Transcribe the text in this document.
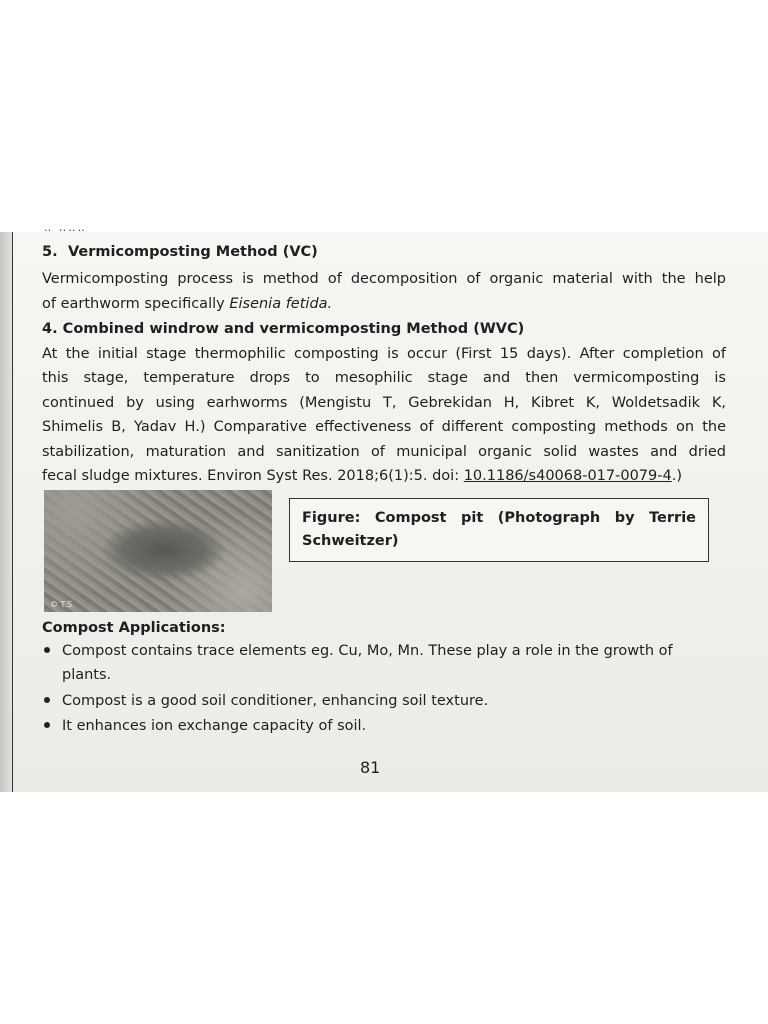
‥ ‥‥‥
5. Vermicomposting Method (VC)
Vermicomposting process is method of decomposition of organic material with the help
of earthworm specifically Eisenia fetida.
4. Combined windrow and vermicomposting Method (WVC)
At the initial stage thermophilic composting is occur (First 15 days). After completion of
this stage, temperature drops to mesophilic stage and then vermicomposting is
continued by using earhworms (Mengistu T, Gebrekidan H, Kibret K, Woldetsadik K,
Shimelis B, Yadav H.) Comparative effectiveness of different composting methods on the
stabilization, maturation and sanitization of municipal organic solid wastes and dried
fecal sludge mixtures. Environ Syst Res. 2018;6(1):5. doi: 10.1186/s40068-017-0079-4.)
© T.S.
Figure: Compost pit (Photograph by Terrie Schweitzer)
Compost Applications:
Compost contains trace elements eg. Cu, Mo, Mn. These play a role in the growth of
plants.
Compost is a good soil conditioner, enhancing soil texture.
It enhances ion exchange capacity of soil.
81
